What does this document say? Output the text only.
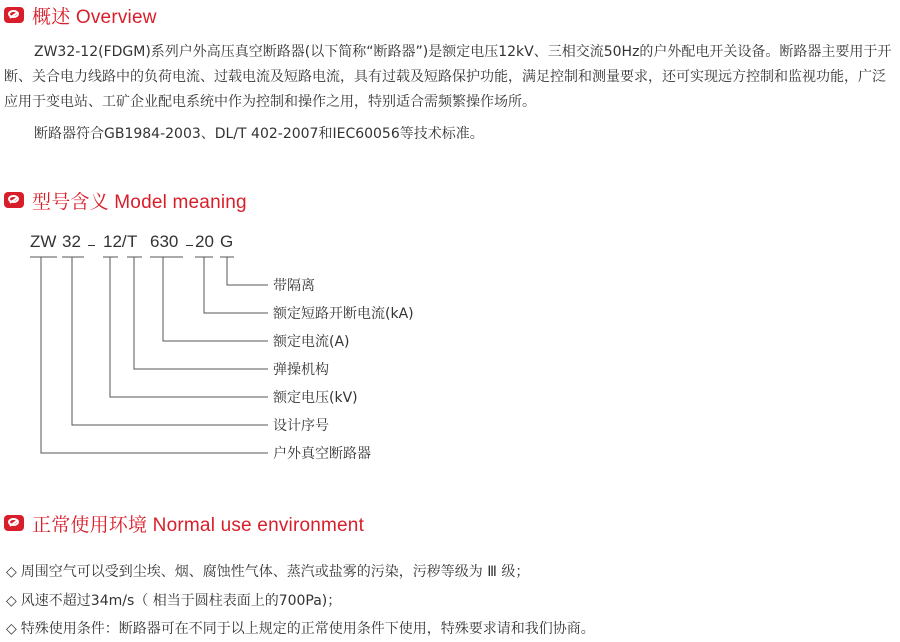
概述 Overview

ZW32-12(FDGM)系列户外高压真空断路器(以下简称“断路器”)是额定电压12kV、三相交流50Hz的户外配电开关设备。断路器主要用于开断、关合电力线路中的负荷电流、过载电流及短路电流，具有过载及短路保护功能，满足控制和测量要求，还可实现远方控制和监视功能，广泛应用于变电站、工矿企业配电系统中作为控制和操作之用，特别适合需频繁操作场所。

断路器符合GB1984-2003、DL/T 402-2007和IEC60056等技术标准。

型号含义 Model meaning
ZW 32 12/ T 630 20 G
带隔离
额定短路开断电流(kA)
额定电流(A)
弹操机构
额定电压(kV)
设计序号
户外真空断路器
正常使用环境 Normal use environment
◇ 周围空气可以受到尘埃、烟、腐蚀性气体、蒸汽或盐雾的污染，污秽等级为 Ⅲ 级；
◇ 风速不超过34m/s（ 相当于圆柱表面上的700Pa)；
◇ 特殊使用条件：断路器可在不同于以上规定的正常使用条件下使用，特殊要求请和我们协商。
